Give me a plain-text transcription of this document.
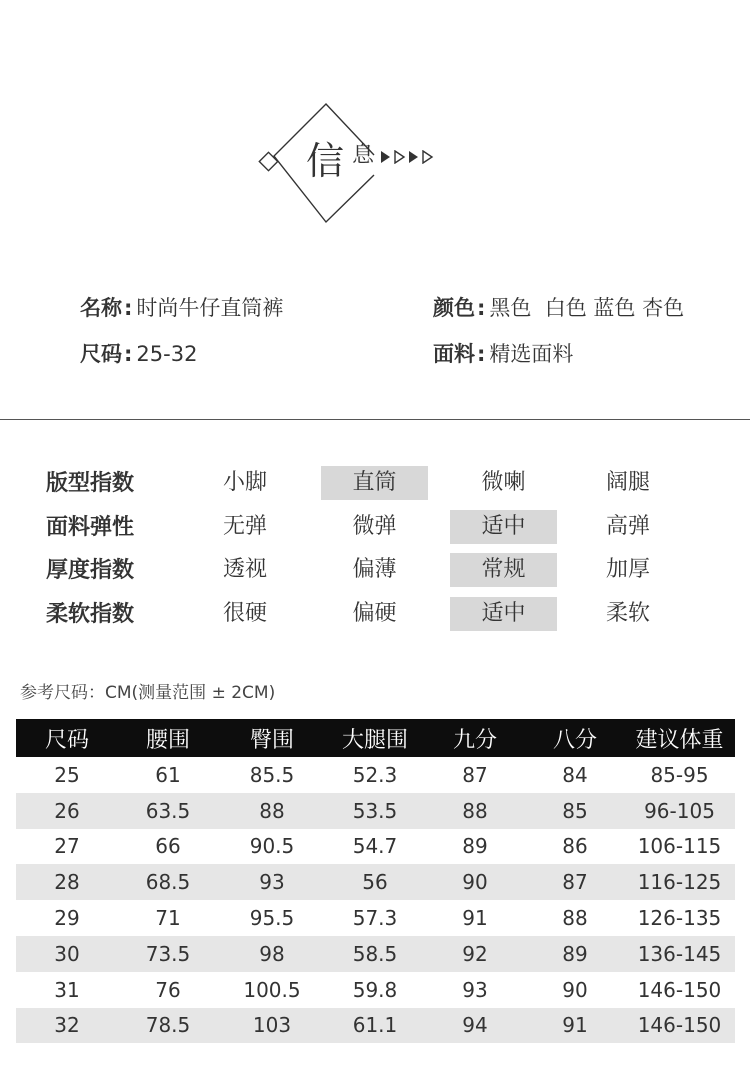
信 息
名称: 时尚牛仔直筒裤	颜色: 黑色  白色 蓝色 杏色
尺码: 25-32	面料: 精选面料
版型指数	小脚	直筒	微喇	阔腿
面料弹性	无弹	微弹	适中	高弹
厚度指数	透视	偏薄	常规	加厚
柔软指数	很硬	偏硬	适中	柔软
参考尺码：CM(测量范围 ± 2CM)
尺码	腰围	臀围	大腿围	九分	八分	建议体重
25	61	85.5	52.3	87	84	85-95
26	63.5	88	53.5	88	85	96-105
27	66	90.5	54.7	89	86	106-115
28	68.5	93	56	90	87	116-125
29	71	95.5	57.3	91	88	126-135
30	73.5	98	58.5	92	89	136-145
31	76	100.5	59.8	93	90	146-150
32	78.5	103	61.1	94	91	146-150
